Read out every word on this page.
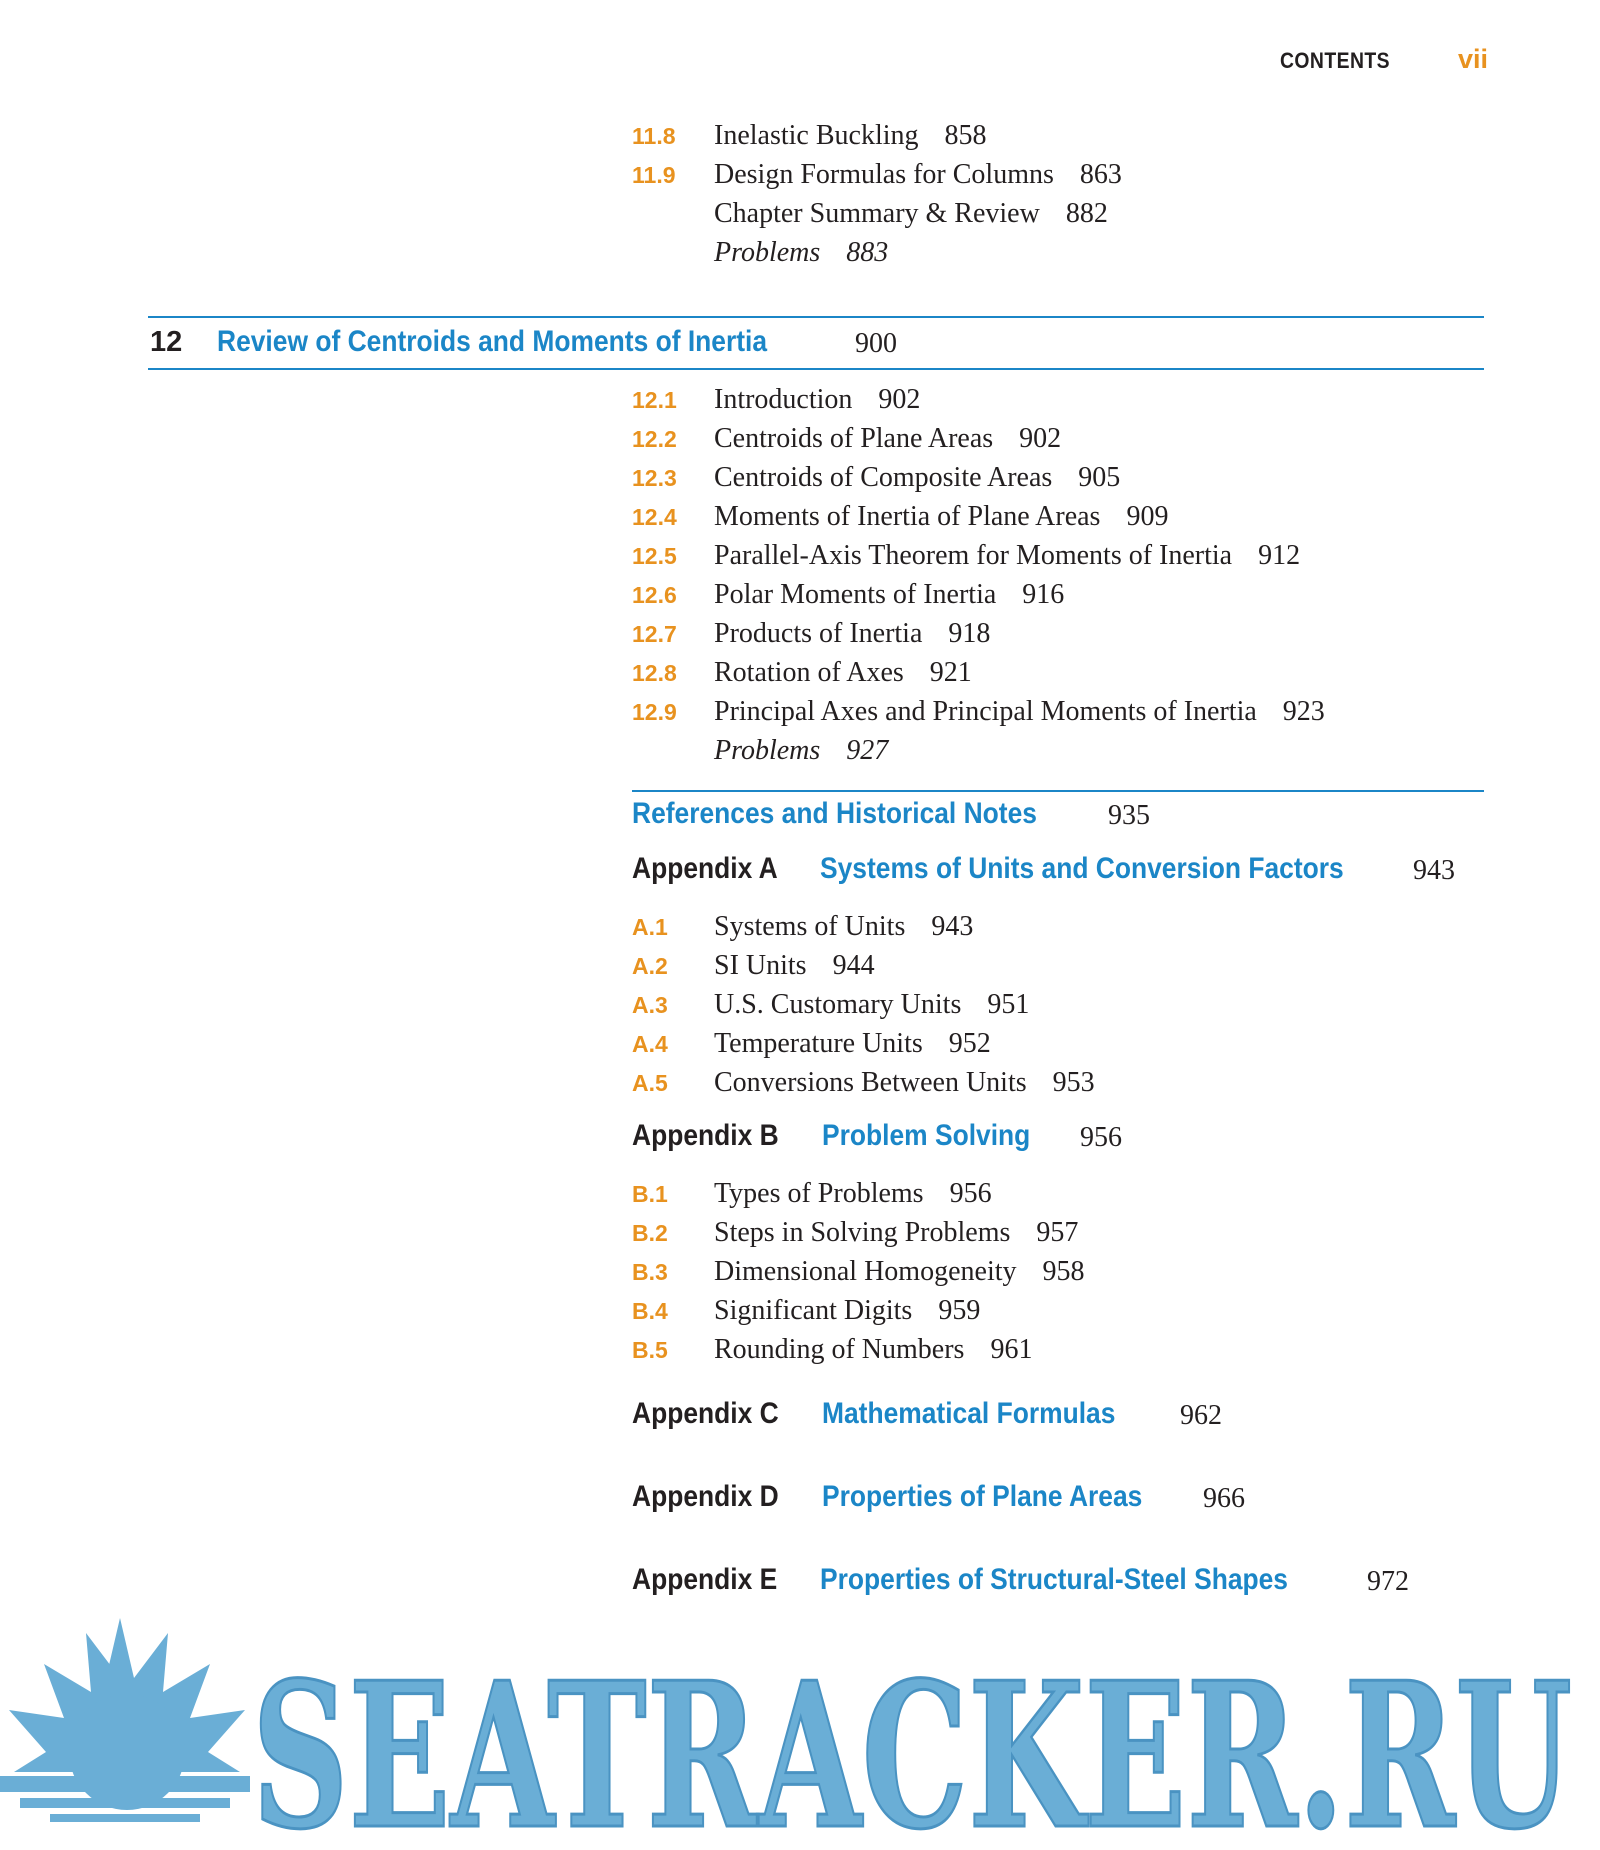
CONTENTS	vii
11.8 Inelastic Buckling 858
11.9 Design Formulas for Columns 863
Chapter Summary & Review 882
Problems 883
12 Review of Centroids and Moments of Inertia	900
12.1 Introduction 902
12.2 Centroids of Plane Areas 902
12.3 Centroids of Composite Areas 905
12.4 Moments of Inertia of Plane Areas 909
12.5 Parallel-Axis Theorem for Moments of Inertia 912
12.6 Polar Moments of Inertia 916
12.7 Products of Inertia 918
12.8 Rotation of Axes 921
12.9 Principal Axes and Principal Moments of Inertia 923
Problems 927
References and Historical Notes	935
Appendix A Systems of Units and Conversion Factors 943
A.1 Systems of Units 943
A.2 SI Units 944
A.3 U.S. Customary Units 951
A.4 Temperature Units 952
A.5 Conversions Between Units 953
Appendix B Problem Solving 956
B.1 Types of Problems 956
B.2 Steps in Solving Problems 957
B.3 Dimensional Homogeneity 958
B.4 Significant Digits 959
B.5 Rounding of Numbers 961
Appendix C Mathematical Formulas 962
Appendix D Properties of Plane Areas 966
Appendix E Properties of Structural-Steel Shapes	972
SEATRACKER.RU
